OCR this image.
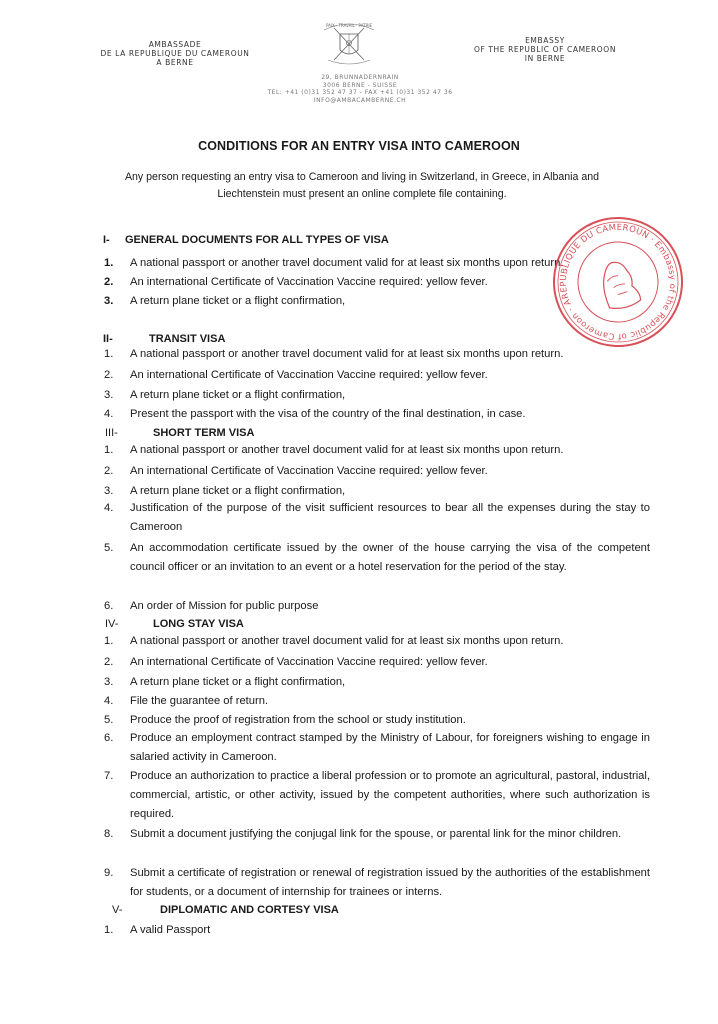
AMBASSADE
DE LA REPUBLIQUE DU CAMEROUN
A BERNE
PAIX · TRAVAIL · PATRIE
EMBASSY
OF THE REPUBLIC OF CAMEROON
IN BERNE
29, BRUNNADERNRAIN
3006 BERNE - SUISSE
TEL: +41 (0)31 352 47 37 - FAX +41 (0)31 352 47 36
INFO@AMBACAMBERNE.CH
CONDITIONS FOR AN ENTRY VISA INTO CAMEROON
Any person requesting an entry visa to Cameroon and living in Switzerland, in Greece, in Albania and
Liechtenstein must present an online complete file containing.
I- GENERAL DOCUMENTS FOR ALL TYPES OF VISA
1. A national passport or another travel document valid for at least six months upon return.
2. An international Certificate of Vaccination Vaccine required: yellow fever.
3. A return plane ticket or a flight confirmation,
II-	TRANSIT VISA
1. A national passport or another travel document valid for at least six months upon return.
2. An international Certificate of Vaccination Vaccine required: yellow fever.
3. A return plane ticket or a flight confirmation,
4. Present the passport with the visa of the country of the final destination, in case.
III-	SHORT TERM VISA
1. A national passport or another travel document valid for at least six months upon return.
2. An international Certificate of Vaccination Vaccine required: yellow fever.
3. A return plane ticket or a flight confirmation,
4. Justification of the purpose of the visit sufficient resources to bear all the expenses during the stay to Cameroon
5. An accommodation certificate issued by the owner of the house carrying the visa of the competent council officer or an invitation to an event or a hotel reservation for the period of the stay.
6. An order of Mission for public purpose
IV-	LONG STAY VISA
1. A national passport or another travel document valid for at least six months upon return.
2. An international Certificate of Vaccination Vaccine required: yellow fever.
3. A return plane ticket or a flight confirmation,
4. File the guarantee of return.
5. Produce the proof of registration from the school or study institution.
6. Produce an employment contract stamped by the Ministry of Labour, for foreigners wishing to engage in salaried activity in Cameroon.
7. Produce an authorization to practice a liberal profession or to promote an agricultural, pastoral, industrial, commercial, artistic, or other activity, issued by the competent authorities, where such authorization is required.
8. Submit a document justifying the conjugal link for the spouse, or parental link for the minor children.
9. Submit a certificate of registration or renewal of registration issued by the authorities of the establishment for students, or a document of internship for trainees or interns.
V-	DIPLOMATIC AND CORTESY VISA
1. A valid Passport
REPUBLIQUE DU CAMEROUN · Embassy of the Republic of Cameroon · Ambassade
